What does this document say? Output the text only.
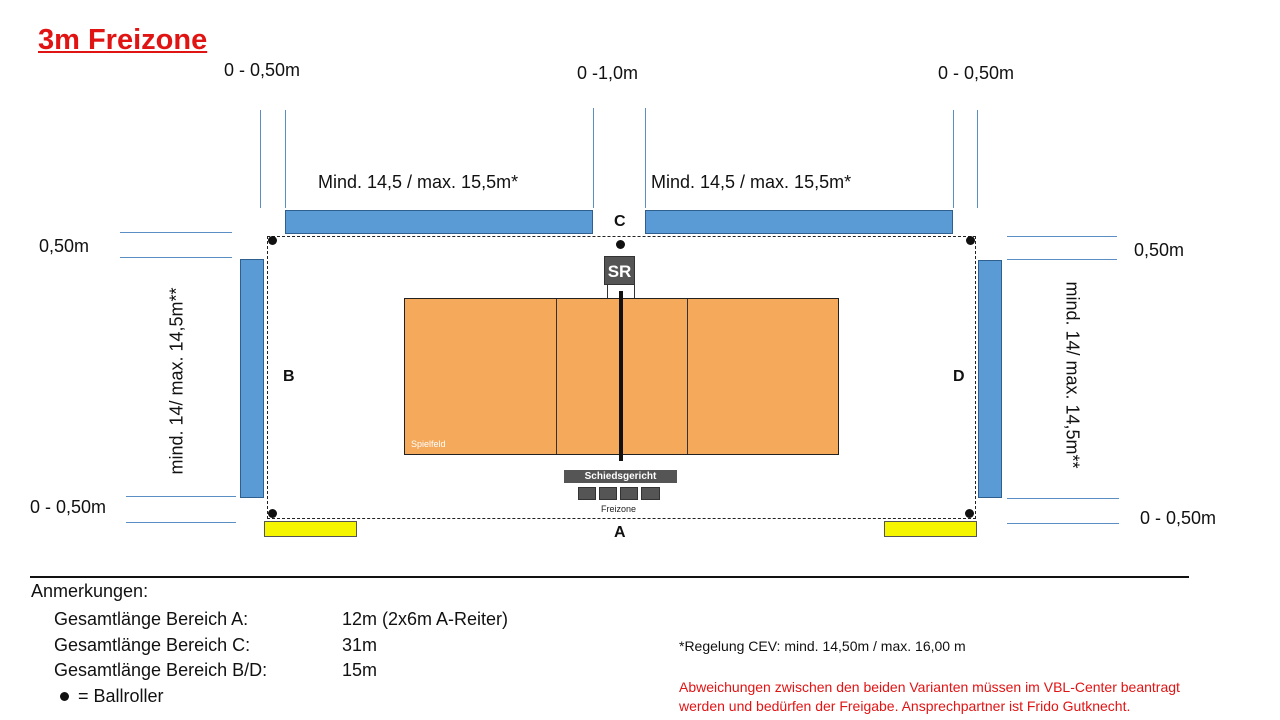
3m Freizone
0 - 0,50m	0 -1,0m	0 - 0,50m
Mind. 14,5 / max. 15,5m*	Mind. 14,5 / max. 15,5m*
C
0,50m	0,50m
0 - 0,50m
0 - 0,50m
mind. 14/ max. 14,5m**	mind. 14/ max. 14,5m**
B	D
SR
Spielfeld
Schiedsgericht
Freizone
A
Anmerkungen:
Gesamtlänge Bereich A:	12m (2x6m A-Reiter)
Gesamtlänge Bereich C:	31m
Gesamtlänge Bereich B/D:	15m
= Ballroller
*Regelung CEV: mind. 14,50m / max. 16,00 m
Abweichungen zwischen den beiden Varianten müssen im VBL-Center beantragt werden und bedürfen der Freigabe. Ansprechpartner ist Frido Gutknecht.
